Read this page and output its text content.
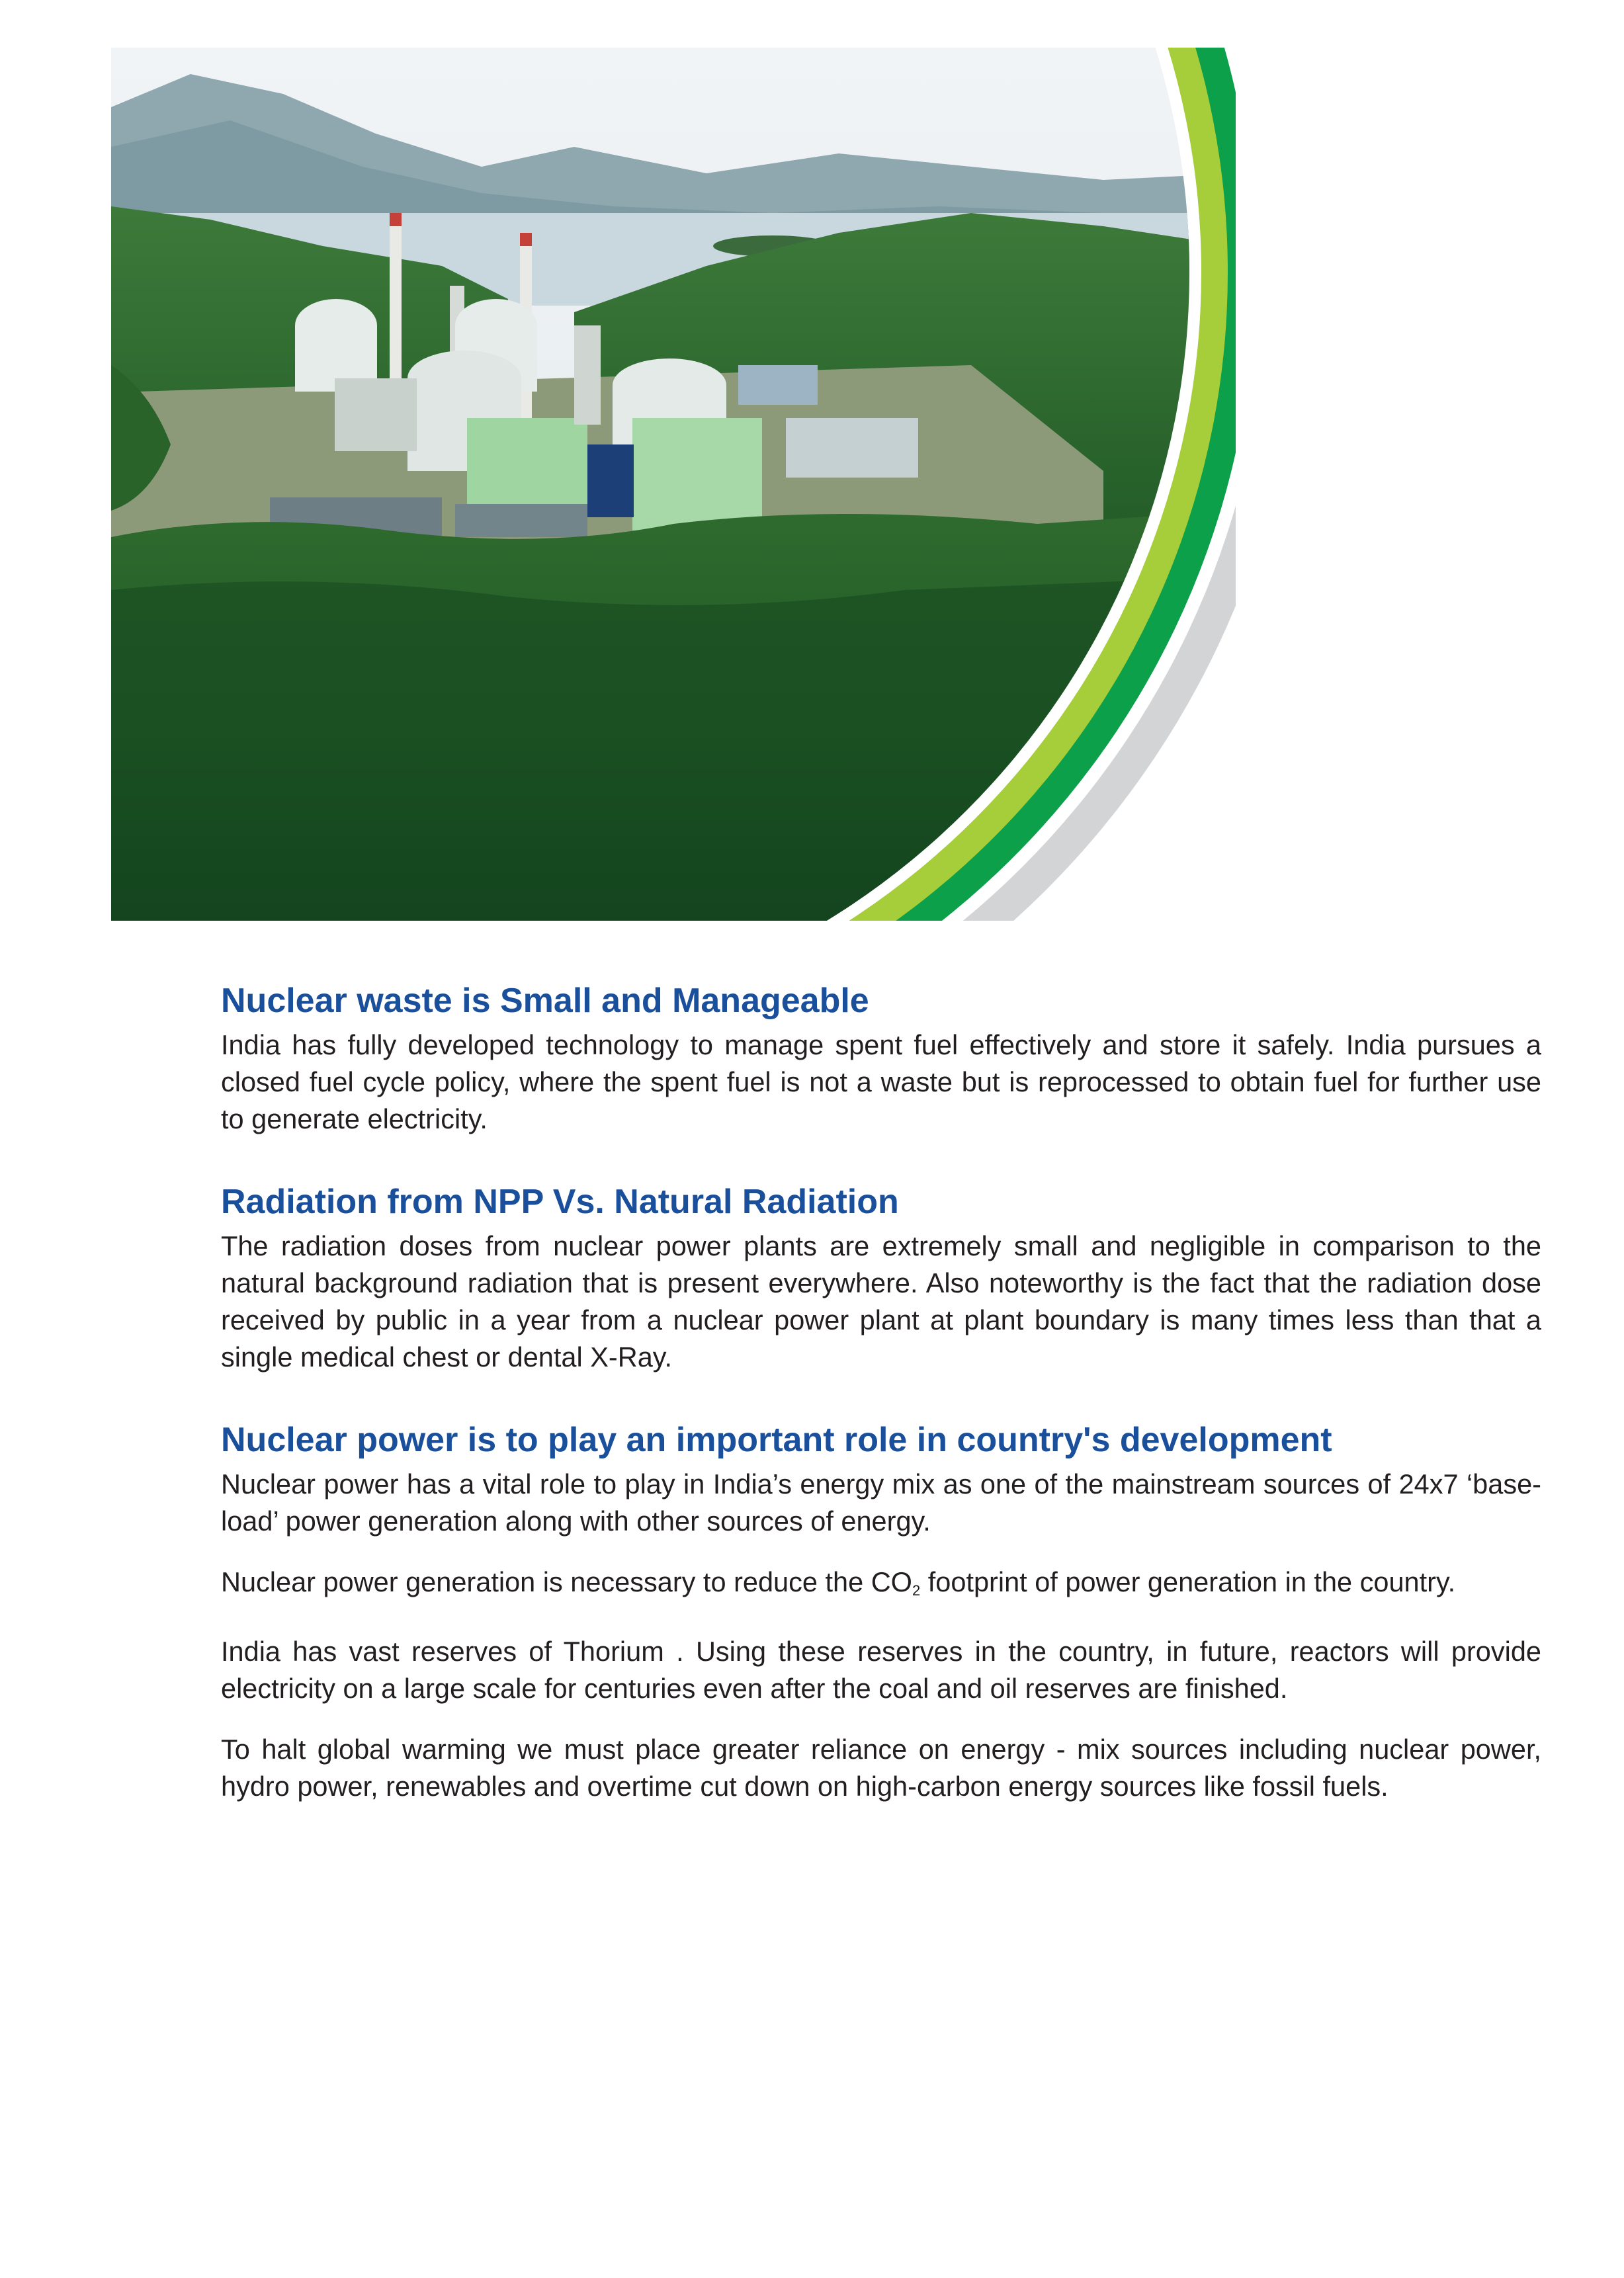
Nuclear waste is Small and Manageable

India has fully developed technology to manage spent fuel effectively and store it safely. India pursues a closed fuel cycle policy, where the spent fuel is not a waste but is reprocessed to obtain fuel for further use to generate electricity.

Radiation from NPP Vs. Natural Radiation

The radiation doses from nuclear power plants are extremely small and negligible in comparison to the natural background radiation that is present everywhere. Also noteworthy is the fact that the radiation dose received by public in a year from a nuclear power plant at plant boundary is many times less than that a single medical chest or dental X-Ray.

Nuclear power is to play an important role in country's development

Nuclear power has a vital role to play in India’s energy mix as one of the mainstream sources of 24x7 ‘base-load’ power generation along with other sources of energy.

Nuclear power generation is necessary to reduce the $CO_2$ footprint of power generation in the country.

India has vast reserves of Thorium . Using these reserves in the country, in future, reactors will provide electricity on a large scale for centuries even after the coal and oil reserves are finished.

To halt global warming we must place greater reliance on energy - mix sources including nuclear power, hydro power, renewables and overtime cut down on high-carbon energy sources like fossil fuels.
